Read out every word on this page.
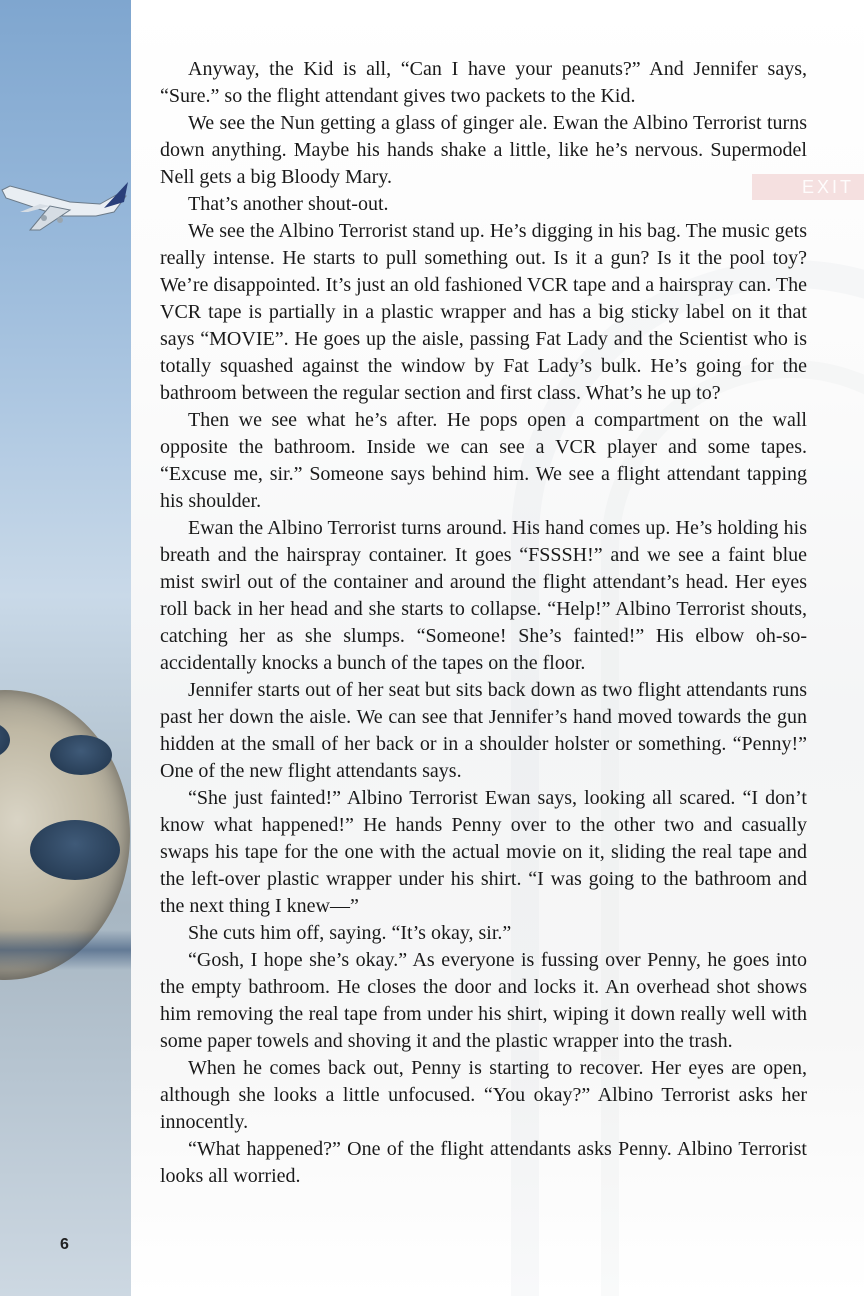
EXIT
6

Anyway, the Kid is all, “Can I have your peanuts?” And Jennifer says, “Sure.” so the flight attendant gives two packets to the Kid.

We see the Nun getting a glass of ginger ale. Ewan the Albino Terrorist turns down anything. Maybe his hands shake a little, like he’s nervous. Supermodel Nell gets a big Bloody Mary.

That’s another shout-out.

We see the Albino Terrorist stand up. He’s digging in his bag. The music gets really intense. He starts to pull something out. Is it a gun? Is it the pool toy? We’re disappointed. It’s just an old fashioned VCR tape and a hairspray can. The VCR tape is partially in a plastic wrapper and has a big sticky label on it that says “MOVIE”. He goes up the aisle, passing Fat Lady and the Scientist who is totally squashed against the window by Fat Lady’s bulk. He’s going for the bathroom between the regular section and first class. What’s he up to?

Then we see what he’s after. He pops open a compartment on the wall opposite the bathroom. Inside we can see a VCR player and some tapes. “Excuse me, sir.” Someone says behind him. We see a flight attendant tapping his shoulder.

Ewan the Albino Terrorist turns around. His hand comes up. He’s holding his breath and the hairspray container. It goes “FSSSH!” and we see a faint blue mist swirl out of the container and around the flight attendant’s head. Her eyes roll back in her head and she starts to collapse. “Help!” Albino Terrorist shouts, catching her as she slumps. “Someone! She’s fainted!” His elbow oh-so-accidentally knocks a bunch of the tapes on the floor.

Jennifer starts out of her seat but sits back down as two flight attendants runs past her down the aisle. We can see that Jennifer’s hand moved towards the gun hidden at the small of her back or in a shoulder holster or something. “Penny!” One of the new flight attendants says.

“She just fainted!” Albino Terrorist Ewan says, looking all scared. “I don’t know what happened!” He hands Penny over to the other two and casually swaps his tape for the one with the actual movie on it, sliding the real tape and the left-over plastic wrapper under his shirt. “I was going to the bathroom and the next thing I knew—”

She cuts him off, saying. “It’s okay, sir.”

“Gosh, I hope she’s okay.” As everyone is fussing over Penny, he goes into the empty bathroom. He closes the door and locks it. An overhead shot shows him removing the real tape from under his shirt, wiping it down really well with some paper towels and shoving it and the plastic wrapper into the trash.

When he comes back out, Penny is starting to recover. Her eyes are open, although she looks a little unfocused. “You okay?” Albino Terrorist asks her innocently.

“What happened?” One of the flight attendants asks Penny. Albino Terrorist looks all worried.
